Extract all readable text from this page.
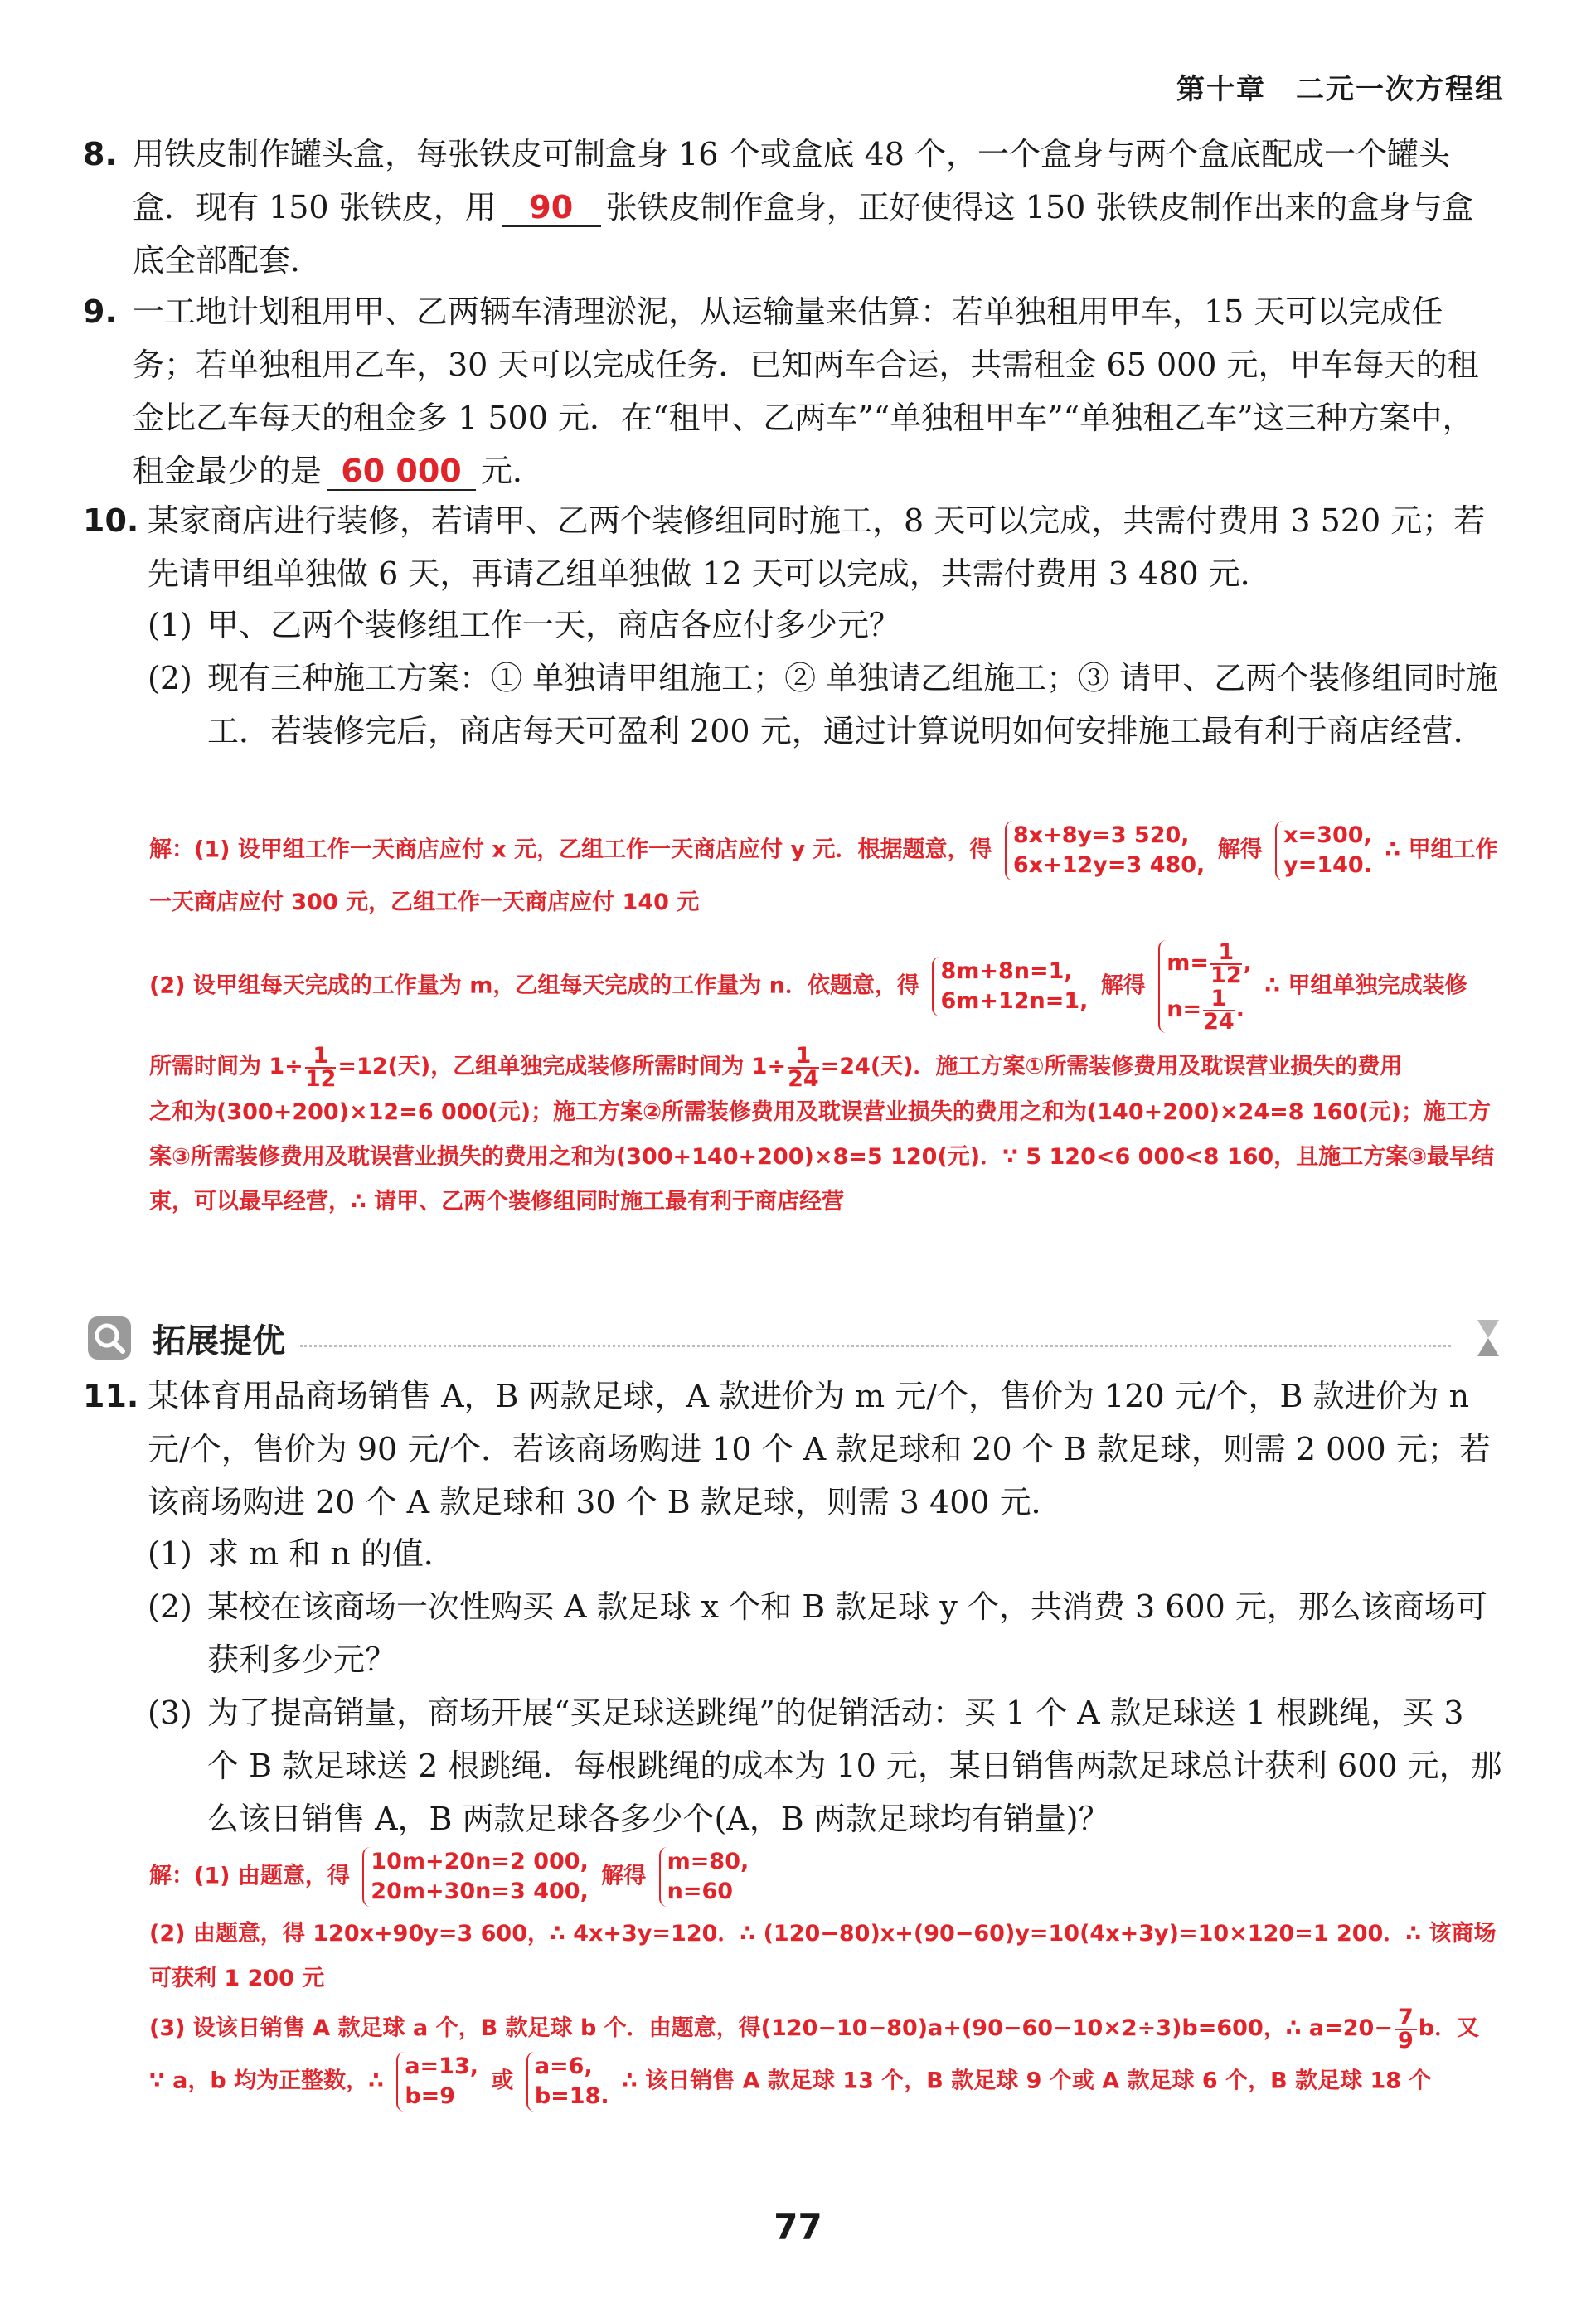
第十章 二元一次方程组
8. 用铁皮制作罐头盒，每张铁皮可制盒身 16 个或盒底 48 个，一个盒身与两个盒底配成一个罐头盒．现有 150 张铁皮，用 90 张铁皮制作盒身，正好使得这 150 张铁皮制作出来的盒身与盒底全部配套．
9. 一工地计划租用甲、乙两辆车清理淤泥，从运输量来估算：若单独租用甲车，15 天可以完成任务；若单独租用乙车，30 天可以完成任务．已知两车合运，共需租金 65 000 元，甲车每天的租金比乙车每天的租金多 1 500 元．在“租甲、乙两车”“单独租甲车”“单独租乙车”这三种方案中，租金最少的是 60 000 元．
10. 某家商店进行装修，若请甲、乙两个装修组同时施工，8 天可以完成，共需付费用 3 520 元；若先请甲组单独做 6 天，再请乙组单独做 12 天可以完成，共需付费用 3 480 元．
(1) 甲、乙两个装修组工作一天，商店各应付多少元？
(2) 现有三种施工方案：① 单独请甲组施工；② 单独请乙组施工；③ 请甲、乙两个装修组同时施工．若装修完后，商店每天可盈利 200 元，通过计算说明如何安排施工最有利于商店经营．
解：(1) 设甲组工作一天商店应付 x 元，乙组工作一天商店应付 y 元．根据题意，得 8x+8y=3 520,
6x+12y=3 480, 解得 x=300,
y=140. ∴ 甲组工作一天商店应付 300 元，乙组工作一天商店应付 140 元
(2) 设甲组每天完成的工作量为 m，乙组每天完成的工作量为 n．依题意，得 8m+8n=1,
6m+12n=1, 解得 $m= \frac{1}{12}$ ,
$n= \frac{1}{24}$ . ∴ 甲组单独完成装修
所需时间为 $1\div \frac{1}{12} =12$(天)，乙组单独完成装修所需时间为 $1\div \frac{1}{24} =24$(天)．施工方案①所需装修费用及耽误营业损失的费用
之和为(300+200)×12=6 000(元)；施工方案②所需装修费用及耽误营业损失的费用之和为(140+200)×24=8 160(元)；施工方案③所需装修费用及耽误营业损失的费用之和为(300+140+200)×8=5 120(元)．∵ 5 120<6 000<8 160，且施工方案③最早结束，可以最早经营，∴ 请甲、乙两个装修组同时施工最有利于商店经营
拓展提优
11. 某体育用品商场销售 A，B 两款足球，A 款进价为 m 元/个，售价为 120 元/个，B 款进价为 n 元/个，售价为 90 元/个．若该商场购进 10 个 A 款足球和 20 个 B 款足球，则需 2 000 元；若该商场购进 20 个 A 款足球和 30 个 B 款足球，则需 3 400 元．
(1) 求 m 和 n 的值．
(2) 某校在该商场一次性购买 A 款足球 x 个和 B 款足球 y 个，共消费 3 600 元，那么该商场可获利多少元？
(3) 为了提高销量，商场开展“买足球送跳绳”的促销活动：买 1 个 A 款足球送 1 根跳绳，买 3 个 B 款足球送 2 根跳绳．每根跳绳的成本为 10 元，某日销售两款足球总计获利 600 元，那么该日销售 A，B 两款足球各多少个(A，B 两款足球均有销量)？
解：(1) 由题意，得 10m+20n=2 000,
20m+30n=3 400, 解得 m=80,
n=60
(2) 由题意，得 120x+90y=3 600，∴ 4x+3y=120．∴ (120−80)x+(90−60)y=10(4x+3y)=10×120=1 200．∴ 该商场可获利 1 200 元
(3) 设该日销售 A 款足球 a 个，B 款足球 b 个．由题意，得(120−10−80)a+(90−60−10×2÷3)b=600，∴ $a=20- \frac{7}{9}$ b．又
∵ a，b 均为正整数，∴ a=13,
b=9 或 a=6,
b=18. ∴ 该日销售 A 款足球 13 个，B 款足球 9 个或 A 款足球 6 个，B 款足球 18 个
77
